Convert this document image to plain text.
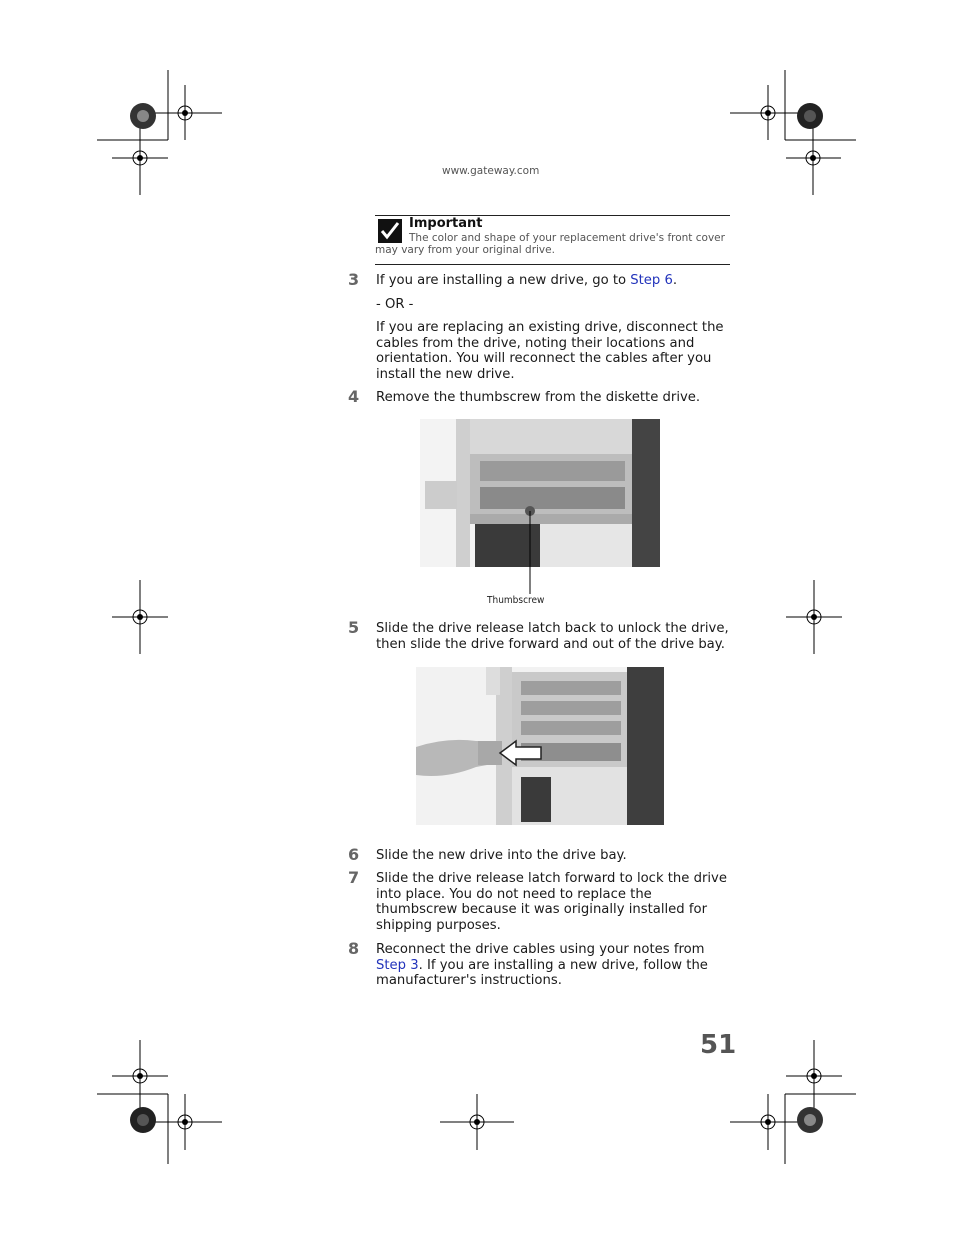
www.gateway.com
Important
The color and shape of your replacement drive's front cover may vary from your original drive.
3 If you are installing a new drive, go to Step 6.
- OR -
If you are replacing an existing drive, disconnect the cables from the drive, noting their locations and orientation. You will reconnect the cables after you install the new drive.
4 Remove the thumbscrew from the diskette drive.
Thumbscrew
5 Slide the drive release latch back to unlock the drive, then slide the drive forward and out of the drive bay.
6 Slide the new drive into the drive bay.
7 Slide the drive release latch forward to lock the drive into place. You do not need to replace the thumbscrew because it was originally installed for shipping purposes.
8 Reconnect the drive cables using your notes from Step 3. If you are installing a new drive, follow the manufacturer's instructions.
51
